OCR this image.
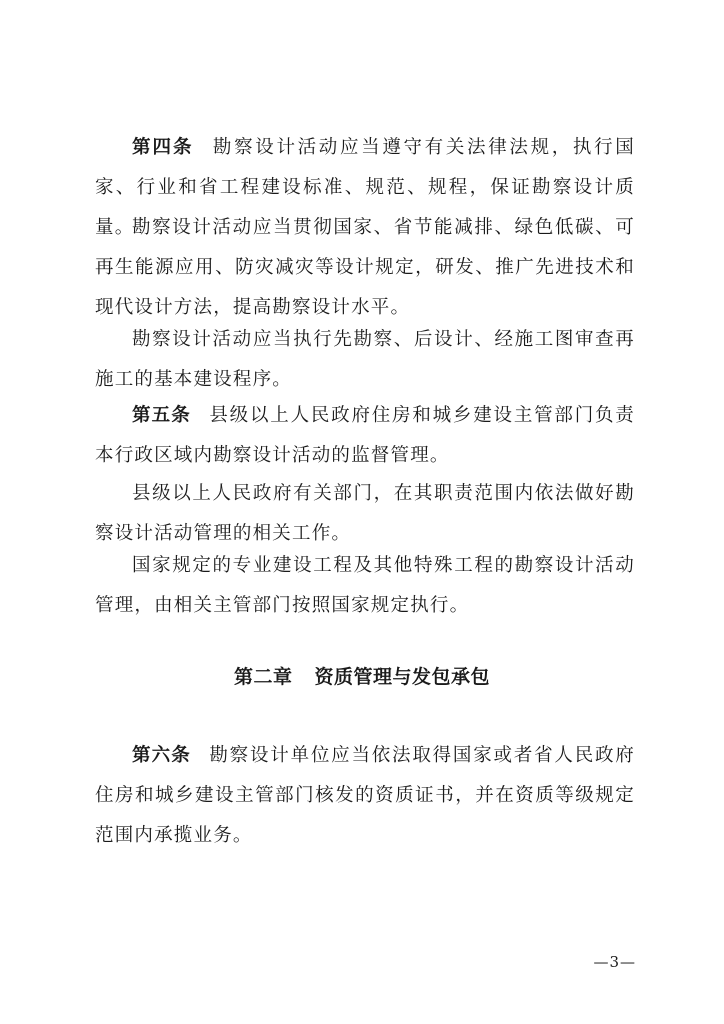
第四条 勘察设计活动应当遵守有关法律法规，执行国家、行业和省工程建设标准、规范、规程，保证勘察设计质量。

勘察设计活动应当贯彻国家、省节能减排、绿色低碳、可再生能源应用、防灾减灾等设计规定，研发、推广先进技术和现代设计方法，提高勘察设计水平。

勘察设计活动应当执行先勘察、后设计、经施工图审查再施工的基本建设程序。

第五条 县级以上人民政府住房和城乡建设主管部门负责本行政区域内勘察设计活动的监督管理。

县级以上人民政府有关部门，在其职责范围内依法做好勘察设计活动管理的相关工作。

国家规定的专业建设工程及其他特殊工程的勘察设计活动管理，由相关主管部门按照国家规定执行。

第二章 资质管理与发包承包

第六条 勘察设计单位应当依法取得国家或者省人民政府住房和城乡建设主管部门核发的资质证书，并在资质等级规定范围内承揽业务。

—3—
